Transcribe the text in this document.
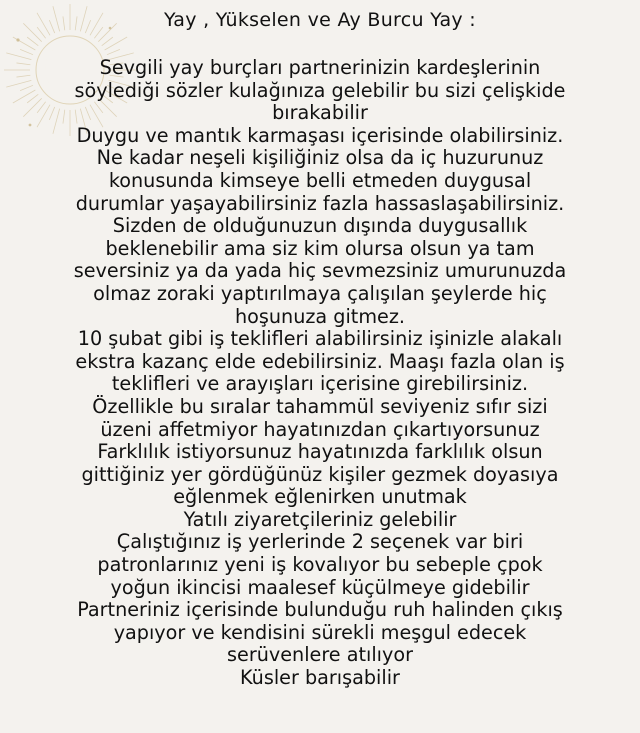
Yay , Yükselen ve Ay Burcu Yay :
Sevgili yay burçları partnerinizin kardeşlerinin
söylediği sözler kulağınıza gelebilir bu sizi çelişkide
bırakabilir
Duygu ve mantık karmaşası içerisinde olabilirsiniz.
Ne kadar neşeli kişiliğiniz olsa da iç huzurunuz
konusunda kimseye belli etmeden duygusal
durumlar yaşayabilirsiniz fazla hassaslaşabilirsiniz.
Sizden de olduğunuzun dışında duygusallık
beklenebilir ama siz kim olursa olsun ya tam
seversiniz ya da yada hiç sevmezsiniz umurunuzda
olmaz zoraki yaptırılmaya çalışılan şeylerde hiç
hoşunuza gitmez.
10 şubat gibi iş teklifleri alabilirsiniz işinizle alakalı
ekstra kazanç elde edebilirsiniz. Maaşı fazla olan iş
teklifleri ve arayışları içerisine girebilirsiniz.
Özellikle bu sıralar tahammül seviyeniz sıfır sizi
üzeni affetmiyor hayatınızdan çıkartıyorsunuz
Farklılık istiyorsunuz hayatınızda farklılık olsun
gittiğiniz yer gördüğünüz kişiler gezmek doyasıya
eğlenmek eğlenirken unutmak
Yatılı ziyaretçileriniz gelebilir
Çalıştığınız iş yerlerinde 2 seçenek var biri
patronlarınız yeni iş kovalıyor bu sebeple çpok
yoğun ikincisi maalesef küçülmeye gidebilir
Partneriniz içerisinde bulunduğu ruh halinden çıkış
yapıyor ve kendisini sürekli meşgul edecek
serüvenlere atılıyor
Küsler barışabilir
